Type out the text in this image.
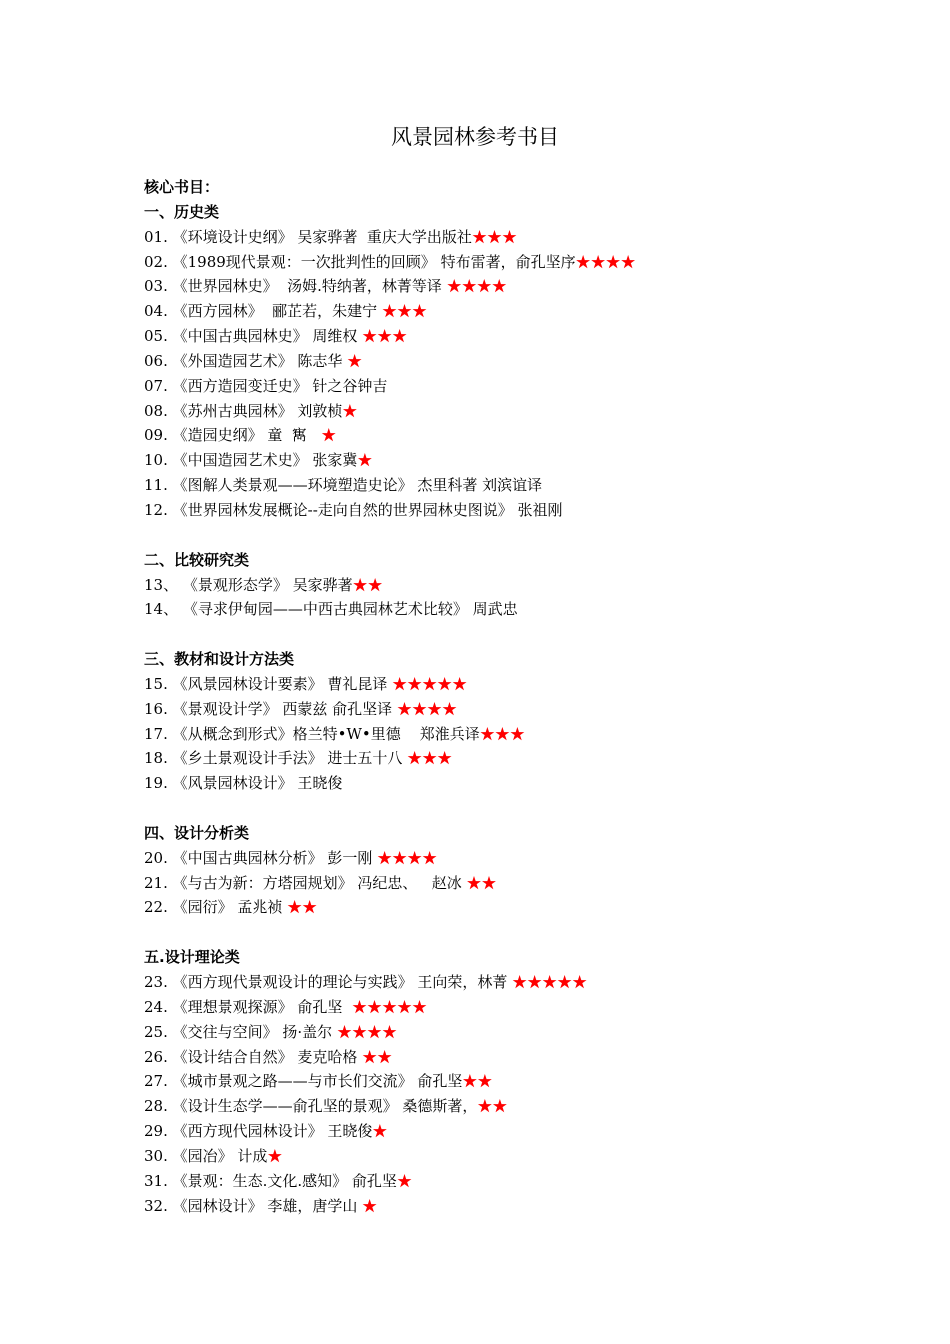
风景园林参考书目
核心书目：
一、历史类
01. 《环境设计史纲》 吴家骅著  重庆大学出版社★★★
02. 《1989现代景观：一次批判性的回顾》 特布雷著，俞孔坚序★★★★
03. 《世界园林史》  汤姆.特纳著，林菁等译 ★★★★
04. 《西方园林》  郦芷若，朱建宁 ★★★
05. 《中国古典园林史》 周维权 ★★★
06. 《外国造园艺术》 陈志华 ★
07. 《西方造园变迁史》 针之谷钟吉
08. 《苏州古典园林》 刘敦桢★
09. 《造园史纲》 童  寯   ★
10. 《中国造园艺术史》 张家冀★
11. 《图解人类景观——环境塑造史论》 杰里科著 刘滨谊译
12. 《世界园林发展概论--走向自然的世界园林史图说》 张祖刚
二、比较研究类
13、 《景观形态学》 吴家骅著★★
14、 《寻求伊甸园——中西古典园林艺术比较》 周武忠
三、教材和设计方法类
15. 《风景园林设计要素》 曹礼昆译 ★★★★★
16. 《景观设计学》 西蒙兹 俞孔坚译 ★★★★
17. 《从概念到形式》格兰特•W•里德    郑淮兵译★★★
18. 《乡土景观设计手法》 进士五十八 ★★★
19. 《风景园林设计》 王晓俊
四、设计分析类
20. 《中国古典园林分析》 彭一刚 ★★★★
21. 《与古为新：方塔园规划》 冯纪忠、   赵冰 ★★
22. 《园衍》 孟兆祯 ★★
五.设计理论类
23. 《西方现代景观设计的理论与实践》 王向荣，林菁 ★★★★★
24. 《理想景观探源》 俞孔坚  ★★★★★
25. 《交往与空间》 扬·盖尔 ★★★★
26. 《设计结合自然》 麦克哈格 ★★
27. 《城市景观之路——与市长们交流》 俞孔坚★★
28. 《设计生态学——俞孔坚的景观》 桑德斯著，★★
29. 《西方现代园林设计》 王晓俊★
30. 《园冶》 计成★
31. 《景观：生态.文化.感知》 俞孔坚★
32. 《园林设计》 李雄，唐学山 ★
